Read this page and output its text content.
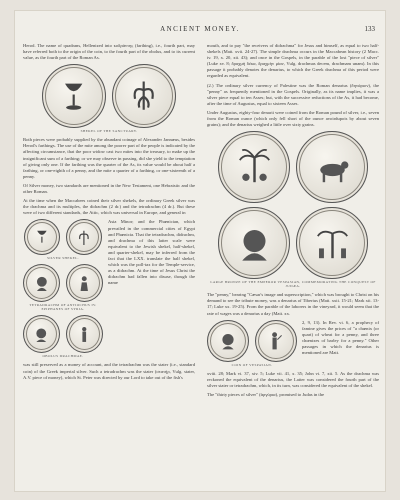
ANCIENT MONEY.	133

Herod. The name of quadrans, Hellenized into κοδράντης (farthing), i.e., fourth part, may have referred both to the origin of the coin, to the fourth part of the obolus, and to its current value, as the fourth part of the Roman As.

SHEKEL OF THE SANCTUARY.

Both pieces were probably supplied by the abundant coinage of Alexander Jannæus, besides Herod's farthings. The use of the mite among the poorer part of the people is indicated by the affecting circumstance, that the poor widow cast two mites into the treasury, to make up the insignificant sum of a farthing; or we may observe in passing, did she yield to the temptation of giving only one. If the farthing was the quarter of the As, its value would be about half a farthing, or one-eighth of a penny, and the mite a quarter of a farthing, or one-sixteenth of a penny.

Of Silver money, two standards are mentioned in the New Testament, one Hebraistic and the other Roman.

At the time when the Maccabees coined their silver shekels, the ordinary Greek silver was the drachma and its multiples, the didrachm (2 dr.) and the tetradrachm (4 dr.). But these were of two different standards, the Attic, which was universal in Europe, and general in

SILVER SHEKEL.
TETRADRACHM OF ANTIOCHUS IV. EPIPHANES OF SYRIA.
OBOLUS DRACHMAE.

Asia Minor; and the Phœnician, which prevailed in the commercial cities of Egypt and Phœnicia. That the tetradrachm, didrachm, and drachma of this latter scale were equivalent to the Jewish shekel, half-shekel, and quarter-shekel, may be inferred from the fact that the LXX. translate the half shekel, which was the poll-tax for the Temple-service, as a didrachm. At the time of Jesus Christ the didrachm had fallen into disuse, though the name

was still preserved as a money of account, and the tetradrachm was the stater (i.e., standard coin) of the Greek imperial silver. Such a tetradrachm was the stater (στατήρ, Vulg. stater, A.V. piece of money), which St. Peter was directed by our Lord to take out of the fish's

mouth, and to pay "the receivers of didrachma" for Jesus and himself, as equal to two half-shekels (Matt. xvii. 24-27). The simple drachma occurs in the Maccabean history (2 Macc. iv. 19, x. 20, xii. 43); and once in the Gospels, in the parable of the lost "piece of silver" (Luke xv. 8; δραχμὴ δέκα, δραχμὴν μίαν, Vulg. drachmas decem, drachmam unam). In this passage it probably denotes the denarius, to which the Greek drachma of this period were regarded as equivalent.

(2.) The ordinary silver currency of Palestine was the Roman denarius (δηνάριον), the "penny" as frequently mentioned in the Gospels. Originally, as its name implies, it was a silver piece equal to ten Asses; but, with the successive reductions of the As, it had become, after the time of Augustus, equal to sixteen Asses.

Under Augustus, eighty-four denarii were coined from the Roman pound of silver, i.e., seven from the Roman ounce (which only fell short of the ounce avoirdupois by about seven grains); and the denarius weighed a little over sixty grains.

LARGE BRONZE OF THE EMPEROR VESPASIAN, COMMEMORATING THE CONQUEST OF JUDÆA.

The "penny," bearing "Cæsar's image and superscription," which was brought to Christ on his demand to see the tribute money, was a denarius of Tiberius (Matt. xxii. 15-21; Mark xii. 13-17; Luke xx. 19-25). From the parable of the laborers in the vineyard, it would seem that the rate of wages was a denarius a day (Matt. xx.

COIN OF VESPASIAN.

2, 9, 13). In Rev. vi. 6, a prophecy of famine gives the prices of "a chœnix (or quart) of wheat for a penny, and three chœnixes of barley for a penny." Other passages in which the denarius is mentioned are Matt.

xviii. 28; Mark vi. 37, xiv. 5; Luke vii. 41, x. 35; John vi. 7, xii. 5. As the drachma was reckoned the equivalent of the denarius, the Latter was considered the fourth part of the silver stater or tetradrachm, which, in its turn, was considered the equivalent of the shekel.

The "thirty pieces of silver" (ἀργύρια), promised to Judas in the
